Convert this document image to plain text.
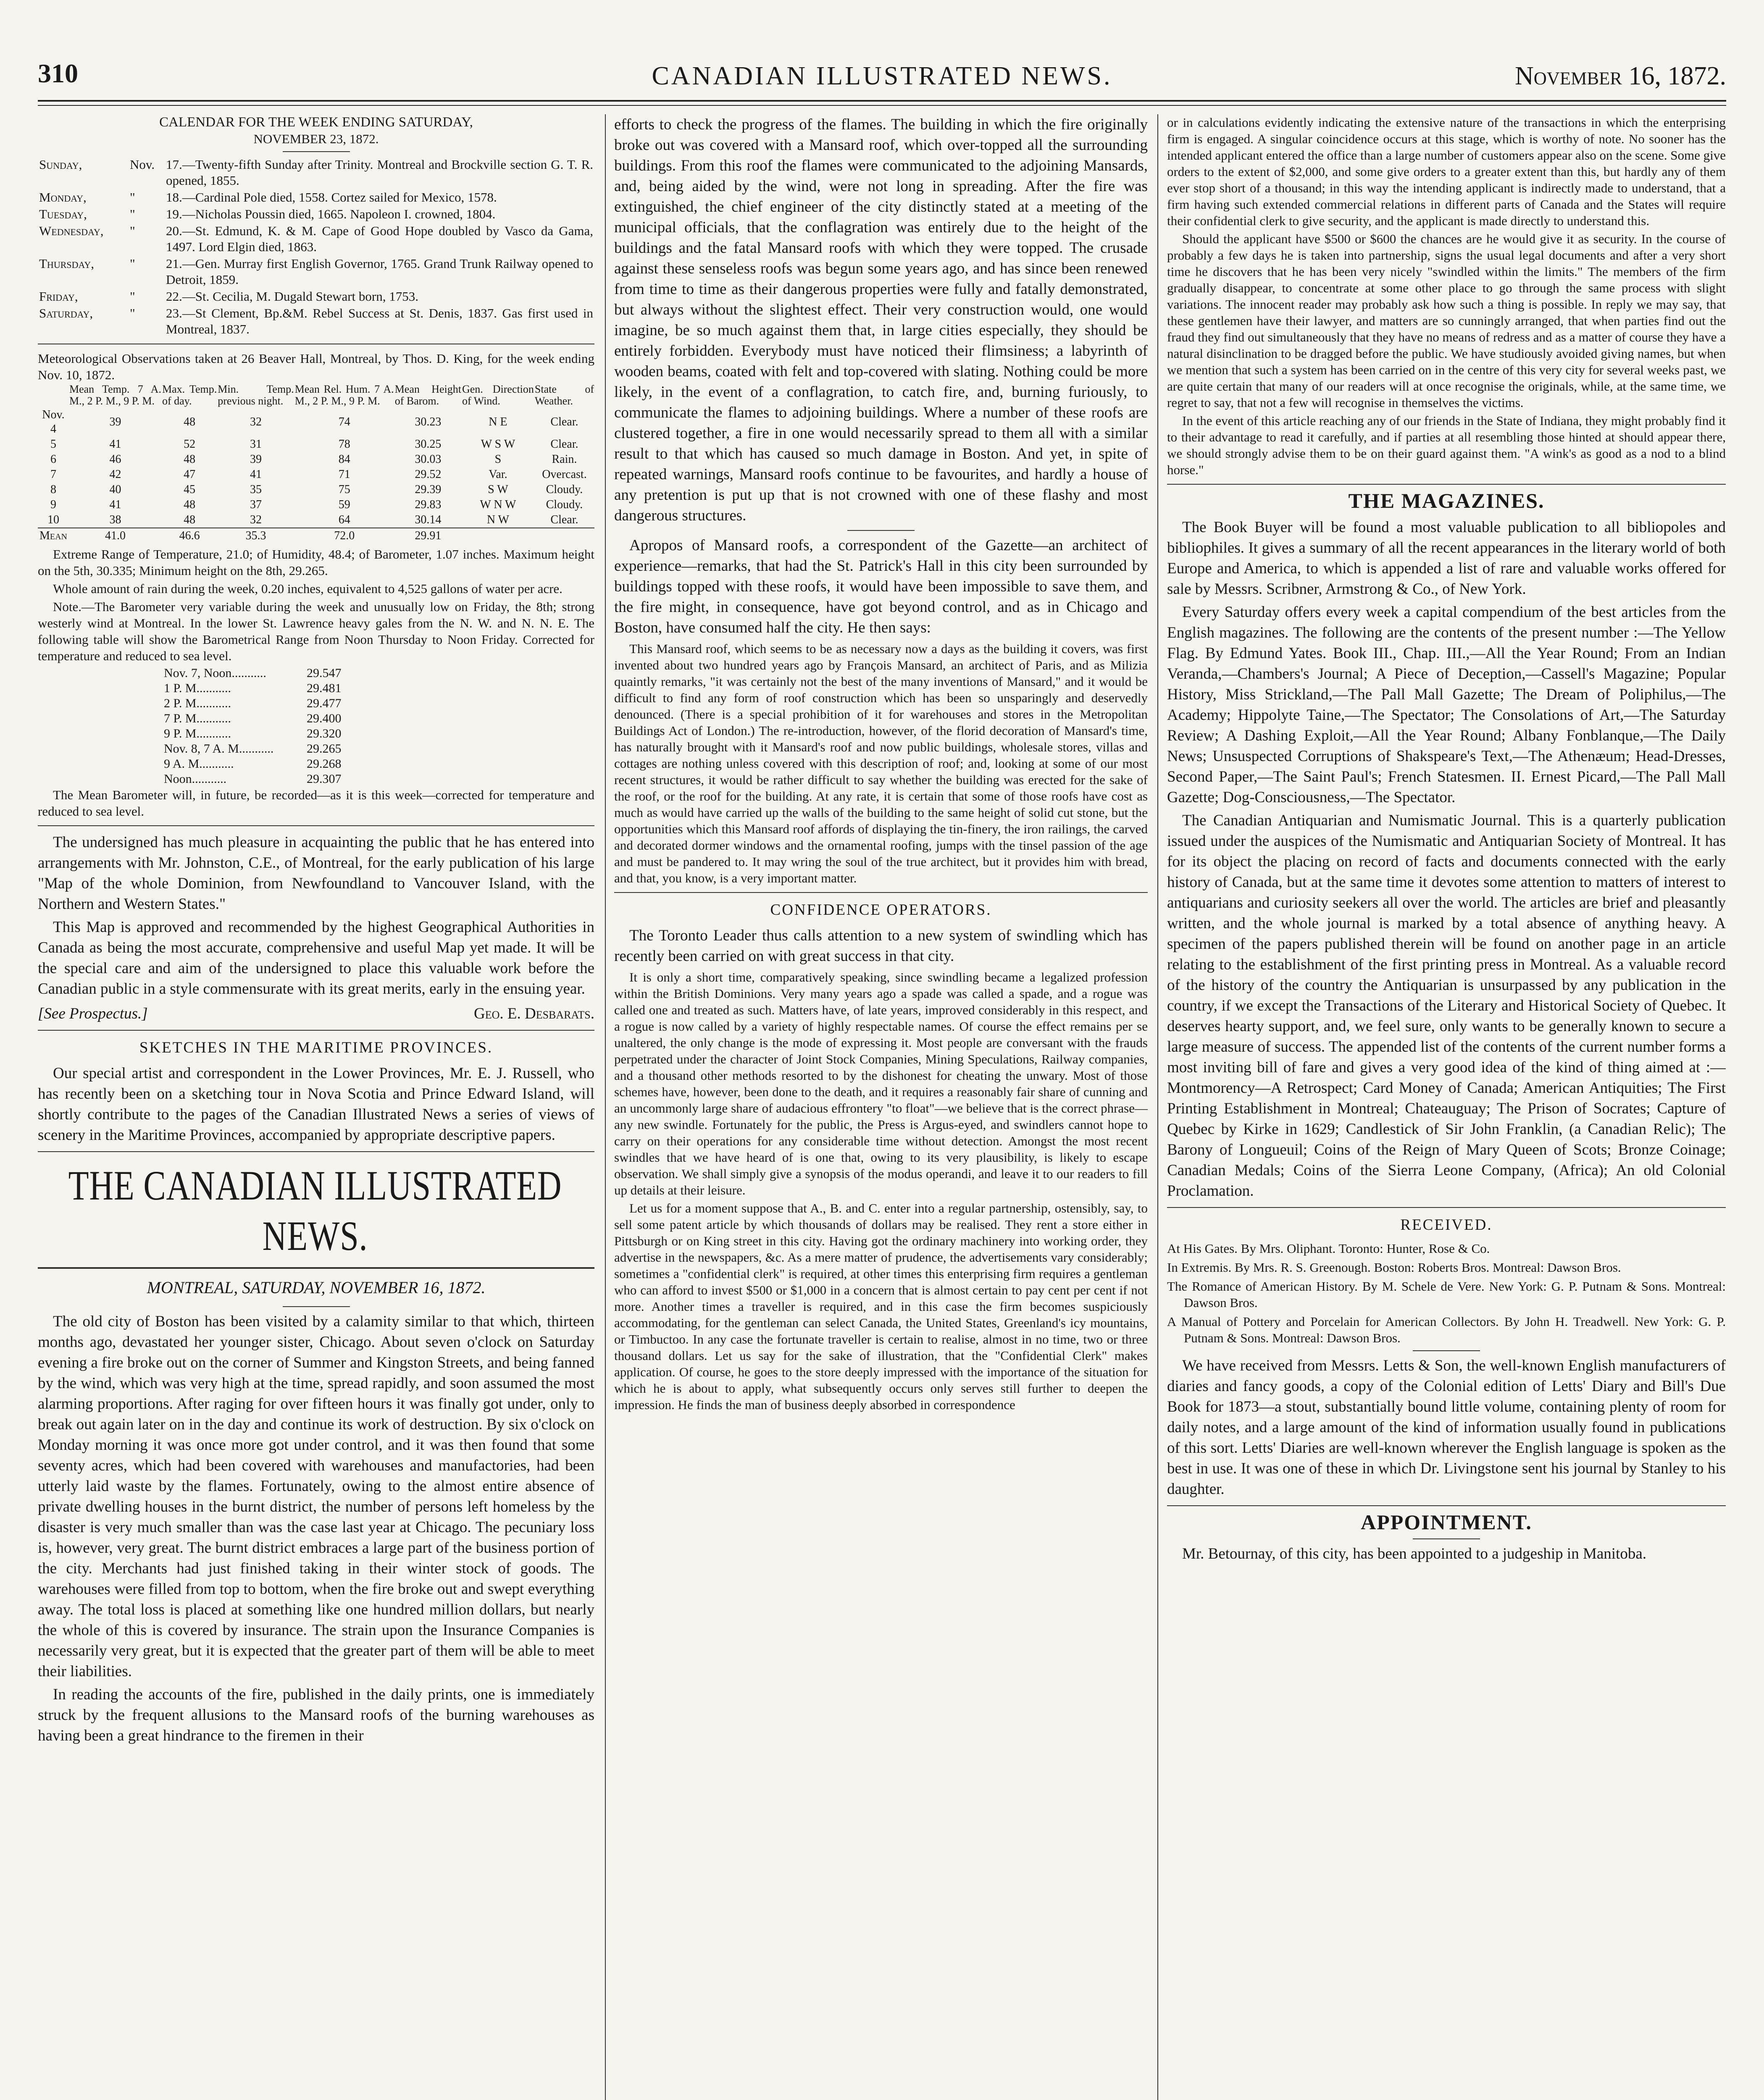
310	CANADIAN ILLUSTRATED NEWS.	November 16, 1872.
CALENDAR FOR THE WEEK ENDING SATURDAY,
NOVEMBER 23, 1872.
Sunday,	Nov.	17.—Twenty-fifth Sunday after Trinity. Montreal and Brockville section G. T. R. opened, 1855.
Monday,	"	18.—Cardinal Pole died, 1558. Cortez sailed for Mexico, 1578.
Tuesday,	"	19.—Nicholas Poussin died, 1665. Napoleon I. crowned, 1804.
Wednesday,	"	20.—St. Edmund, K. & M. Cape of Good Hope doubled by Vasco da Gama, 1497. Lord Elgin died, 1863.
Thursday,	"	21.—Gen. Murray first English Governor, 1765. Grand Trunk Railway opened to Detroit, 1859.
Friday,	"	22.—St. Cecilia, M. Dugald Stewart born, 1753.
Saturday,	"	23.—St Clement, Bp.&M. Rebel Success at St. Denis, 1837. Gas first used in Montreal, 1837.
Meteorological Observations taken at 26 Beaver Hall, Montreal, by Thos. D. King, for the week ending Nov. 10, 1872.
	Mean Temp. 7 A. M., 2 P. M., 9 P. M.	Max. Temp. of day.	Min. Temp. previous night.	Mean Rel. Hum. 7 A. M., 2 P. M., 9 P. M.	Mean Height of Barom.	Gen. Direction of Wind.	State of Weather.
Nov. 4	39	48	32	74	30.23	N E	Clear.
5	41	52	31	78	30.25	W S W	Clear.
6	46	48	39	84	30.03	S	Rain.
7	42	47	41	71	29.52	Var.	Overcast.
8	40	45	35	75	29.39	S W	Cloudy.
9	41	48	37	59	29.83	W N W	Cloudy.
10	38	48	32	64	30.14	N W	Clear.
Mean	41.0	46.6	35.3	72.0	29.91		

Extreme Range of Temperature, 21.0; of Humidity, 48.4; of Barometer, 1.07 inches. Maximum height on the 5th, 30.335; Minimum height on the 8th, 29.265.

Whole amount of rain during the week, 0.20 inches, equivalent to 4,525 gallons of water per acre.

Note.—The Barometer very variable during the week and unusually low on Friday, the 8th; strong westerly wind at Montreal. In the lower St. Lawrence heavy gales from the N. W. and N. N. E. The following table will show the Barometrical Range from Noon Thursday to Noon Friday. Corrected for temperature and reduced to sea level.

Nov. 7, Noon...........	29.547
1 P. M...........	29.481
2 P. M...........	29.477
7 P. M...........	29.400
9 P. M...........	29.320
Nov. 8, 7 A. M...........	29.265
9 A. M...........	29.268
Noon...........	29.307

The Mean Barometer will, in future, be recorded—as it is this week—corrected for temperature and reduced to sea level.

The undersigned has much pleasure in acquainting the public that he has entered into arrangements with Mr. Johnston, C.E., of Montreal, for the early publication of his large "Map of the whole Dominion, from Newfoundland to Vancouver Island, with the Northern and Western States."

This Map is approved and recommended by the highest Geographical Authorities in Canada as being the most accurate, comprehensive and useful Map yet made. It will be the special care and aim of the undersigned to place this valuable work before the Canadian public in a style commensurate with its great merits, early in the ensuing year.

[See Prospectus.]	Geo. E. Desbarats.
SKETCHES IN THE MARITIME PROVINCES.

Our special artist and correspondent in the Lower Provinces, Mr. E. J. Russell, who has recently been on a sketching tour in Nova Scotia and Prince Edward Island, will shortly contribute to the pages of the Canadian Illustrated News a series of views of scenery in the Maritime Provinces, accompanied by appropriate descriptive papers.

THE CANADIAN ILLUSTRATED NEWS.
MONTREAL, SATURDAY, NOVEMBER 16, 1872.

The old city of Boston has been visited by a calamity similar to that which, thirteen months ago, devastated her younger sister, Chicago. About seven o'clock on Saturday evening a fire broke out on the corner of Summer and Kingston Streets, and being fanned by the wind, which was very high at the time, spread rapidly, and soon assumed the most alarming proportions. After raging for over fifteen hours it was finally got under, only to break out again later on in the day and continue its work of destruction. By six o'clock on Monday morning it was once more got under control, and it was then found that some seventy acres, which had been covered with warehouses and manufactories, had been utterly laid waste by the flames. Fortunately, owing to the almost entire absence of private dwelling houses in the burnt district, the number of persons left homeless by the disaster is very much smaller than was the case last year at Chicago. The pecuniary loss is, however, very great. The burnt district embraces a large part of the business portion of the city. Merchants had just finished taking in their winter stock of goods. The warehouses were filled from top to bottom, when the fire broke out and swept everything away. The total loss is placed at something like one hundred million dollars, but nearly the whole of this is covered by insurance. The strain upon the Insurance Companies is necessarily very great, but it is expected that the greater part of them will be able to meet their liabilities.

In reading the accounts of the fire, published in the daily prints, one is immediately struck by the frequent allusions to the Mansard roofs of the burning warehouses as having been a great hindrance to the firemen in their

efforts to check the progress of the flames. The building in which the fire originally broke out was covered with a Mansard roof, which over-topped all the surrounding buildings. From this roof the flames were communicated to the adjoining Mansards, and, being aided by the wind, were not long in spreading. After the fire was extinguished, the chief engineer of the city distinctly stated at a meeting of the municipal officials, that the conflagration was entirely due to the height of the buildings and the fatal Mansard roofs with which they were topped. The crusade against these senseless roofs was begun some years ago, and has since been renewed from time to time as their dangerous properties were fully and fatally demonstrated, but always without the slightest effect. Their very construction would, one would imagine, be so much against them that, in large cities especially, they should be entirely forbidden. Everybody must have noticed their flimsiness; a labyrinth of wooden beams, coated with felt and top-covered with slating. Nothing could be more likely, in the event of a conflagration, to catch fire, and, burning furiously, to communicate the flames to adjoining buildings. Where a number of these roofs are clustered together, a fire in one would necessarily spread to them all with a similar result to that which has caused so much damage in Boston. And yet, in spite of repeated warnings, Mansard roofs continue to be favourites, and hardly a house of any pretention is put up that is not crowned with one of these flashy and most dangerous structures.

Apropos of Mansard roofs, a correspondent of the Gazette—an architect of experience—remarks, that had the St. Patrick's Hall in this city been surrounded by buildings topped with these roofs, it would have been impossible to save them, and the fire might, in consequence, have got beyond control, and as in Chicago and Boston, have consumed half the city. He then says:

This Mansard roof, which seems to be as necessary now a days as the building it covers, was first invented about two hundred years ago by François Mansard, an architect of Paris, and as Milizia quaintly remarks, "it was certainly not the best of the many inventions of Mansard," and it would be difficult to find any form of roof construction which has been so unsparingly and deservedly denounced. (There is a special prohibition of it for warehouses and stores in the Metropolitan Buildings Act of London.) The re-introduction, however, of the florid decoration of Mansard's time, has naturally brought with it Mansard's roof and now public buildings, wholesale stores, villas and cottages are nothing unless covered with this description of roof; and, looking at some of our most recent structures, it would be rather difficult to say whether the building was erected for the sake of the roof, or the roof for the building. At any rate, it is certain that some of those roofs have cost as much as would have carried up the walls of the building to the same height of solid cut stone, but the opportunities which this Mansard roof affords of displaying the tin-finery, the iron railings, the carved and decorated dormer windows and the ornamental roofing, jumps with the tinsel passion of the age and must be pandered to. It may wring the soul of the true architect, but it provides him with bread, and that, you know, is a very important matter.

CONFIDENCE OPERATORS.

The Toronto Leader thus calls attention to a new system of swindling which has recently been carried on with great success in that city.

It is only a short time, comparatively speaking, since swindling became a legalized profession within the British Dominions. Very many years ago a spade was called a spade, and a rogue was called one and treated as such. Matters have, of late years, improved considerably in this respect, and a rogue is now called by a variety of highly respectable names. Of course the effect remains per se unaltered, the only change is the mode of expressing it. Most people are conversant with the frauds perpetrated under the character of Joint Stock Companies, Mining Speculations, Railway companies, and a thousand other methods resorted to by the dishonest for cheating the unwary. Most of those schemes have, however, been done to the death, and it requires a reasonably fair share of cunning and an uncommonly large share of audacious effrontery "to float"—we believe that is the correct phrase—any new swindle. Fortunately for the public, the Press is Argus-eyed, and swindlers cannot hope to carry on their operations for any considerable time without detection. Amongst the most recent swindles that we have heard of is one that, owing to its very plausibility, is likely to escape observation. We shall simply give a synopsis of the modus operandi, and leave it to our readers to fill up details at their leisure.

Let us for a moment suppose that A., B. and C. enter into a regular partnership, ostensibly, say, to sell some patent article by which thousands of dollars may be realised. They rent a store either in Pittsburgh or on King street in this city. Having got the ordinary machinery into working order, they advertise in the newspapers, &c. As a mere matter of prudence, the advertisements vary considerably; sometimes a "confidential clerk" is required, at other times this enterprising firm requires a gentleman who can afford to invest $500 or $1,000 in a concern that is almost certain to pay cent per cent if not more. Another times a traveller is required, and in this case the firm becomes suspiciously accommodating, for the gentleman can select Canada, the United States, Greenland's icy mountains, or Timbuctoo. In any case the fortunate traveller is certain to realise, almost in no time, two or three thousand dollars. Let us say for the sake of illustration, that the "Confidential Clerk" makes application. Of course, he goes to the store deeply impressed with the importance of the situation for which he is about to apply, what subsequently occurs only serves still further to deepen the impression. He finds the man of business deeply absorbed in correspondence

or in calculations evidently indicating the extensive nature of the transactions in which the enterprising firm is engaged. A singular coincidence occurs at this stage, which is worthy of note. No sooner has the intended applicant entered the office than a large number of customers appear also on the scene. Some give orders to the extent of $2,000, and some give orders to a greater extent than this, but hardly any of them ever stop short of a thousand; in this way the intending applicant is indirectly made to understand, that a firm having such extended commercial relations in different parts of Canada and the States will require their confidential clerk to give security, and the applicant is made directly to understand this.

Should the applicant have $500 or $600 the chances are he would give it as security. In the course of probably a few days he is taken into partnership, signs the usual legal documents and after a very short time he discovers that he has been very nicely "swindled within the limits." The members of the firm gradually disappear, to concentrate at some other place to go through the same process with slight variations. The innocent reader may probably ask how such a thing is possible. In reply we may say, that these gentlemen have their lawyer, and matters are so cunningly arranged, that when parties find out the fraud they find out simultaneously that they have no means of redress and as a matter of course they have a natural disinclination to be dragged before the public. We have studiously avoided giving names, but when we mention that such a system has been carried on in the centre of this very city for several weeks past, we are quite certain that many of our readers will at once recognise the originals, while, at the same time, we regret to say, that not a few will recognise in themselves the victims.

In the event of this article reaching any of our friends in the State of Indiana, they might probably find it to their advantage to read it carefully, and if parties at all resembling those hinted at should appear there, we should strongly advise them to be on their guard against them. "A wink's as good as a nod to a blind horse."

THE MAGAZINES.

The Book Buyer will be found a most valuable publication to all bibliopoles and bibliophiles. It gives a summary of all the recent appearances in the literary world of both Europe and America, to which is appended a list of rare and valuable works offered for sale by Messrs. Scribner, Armstrong & Co., of New York.

Every Saturday offers every week a capital compendium of the best articles from the English magazines. The following are the contents of the present number :—The Yellow Flag. By Edmund Yates. Book III., Chap. III.,—All the Year Round; From an Indian Veranda,—Chambers's Journal; A Piece of Deception,—Cassell's Magazine; Popular History, Miss Strickland,—The Pall Mall Gazette; The Dream of Poliphilus,—The Academy; Hippolyte Taine,—The Spectator; The Consolations of Art,—The Saturday Review; A Dashing Exploit,—All the Year Round; Albany Fonblanque,—The Daily News; Unsuspected Corruptions of Shakspeare's Text,—The Athenæum; Head-Dresses, Second Paper,—The Saint Paul's; French Statesmen. II. Ernest Picard,—The Pall Mall Gazette; Dog-Consciousness,—The Spectator.

The Canadian Antiquarian and Numismatic Journal. This is a quarterly publication issued under the auspices of the Numismatic and Antiquarian Society of Montreal. It has for its object the placing on record of facts and documents connected with the early history of Canada, but at the same time it devotes some attention to matters of interest to antiquarians and curiosity seekers all over the world. The articles are brief and pleasantly written, and the whole journal is marked by a total absence of anything heavy. A specimen of the papers published therein will be found on another page in an article relating to the establishment of the first printing press in Montreal. As a valuable record of the history of the country the Antiquarian is unsurpassed by any publication in the country, if we except the Transactions of the Literary and Historical Society of Quebec. It deserves hearty support, and, we feel sure, only wants to be generally known to secure a large measure of success. The appended list of the contents of the current number forms a most inviting bill of fare and gives a very good idea of the kind of thing aimed at :—Montmorency—A Retrospect; Card Money of Canada; American Antiquities; The First Printing Establishment in Montreal; Chateauguay; The Prison of Socrates; Capture of Quebec by Kirke in 1629; Candlestick of Sir John Franklin, (a Canadian Relic); The Barony of Longueuil; Coins of the Reign of Mary Queen of Scots; Bronze Coinage; Canadian Medals; Coins of the Sierra Leone Company, (Africa); An old Colonial Proclamation.

RECEIVED.
At His Gates. By Mrs. Oliphant. Toronto: Hunter, Rose & Co.
In Extremis. By Mrs. R. S. Greenough. Boston: Roberts Bros. Montreal: Dawson Bros.
The Romance of American History. By M. Schele de Vere. New York: G. P. Putnam & Sons. Montreal: Dawson Bros.
A Manual of Pottery and Porcelain for American Collectors. By John H. Treadwell. New York: G. P. Putnam & Sons. Montreal: Dawson Bros.

We have received from Messrs. Letts & Son, the well-known English manufacturers of diaries and fancy goods, a copy of the Colonial edition of Letts' Diary and Bill's Due Book for 1873—a stout, substantially bound little volume, containing plenty of room for daily notes, and a large amount of the kind of information usually found in publications of this sort. Letts' Diaries are well-known wherever the English language is spoken as the best in use. It was one of these in which Dr. Livingstone sent his journal by Stanley to his daughter.

APPOINTMENT.

Mr. Betournay, of this city, has been appointed to a judgeship in Manitoba.
